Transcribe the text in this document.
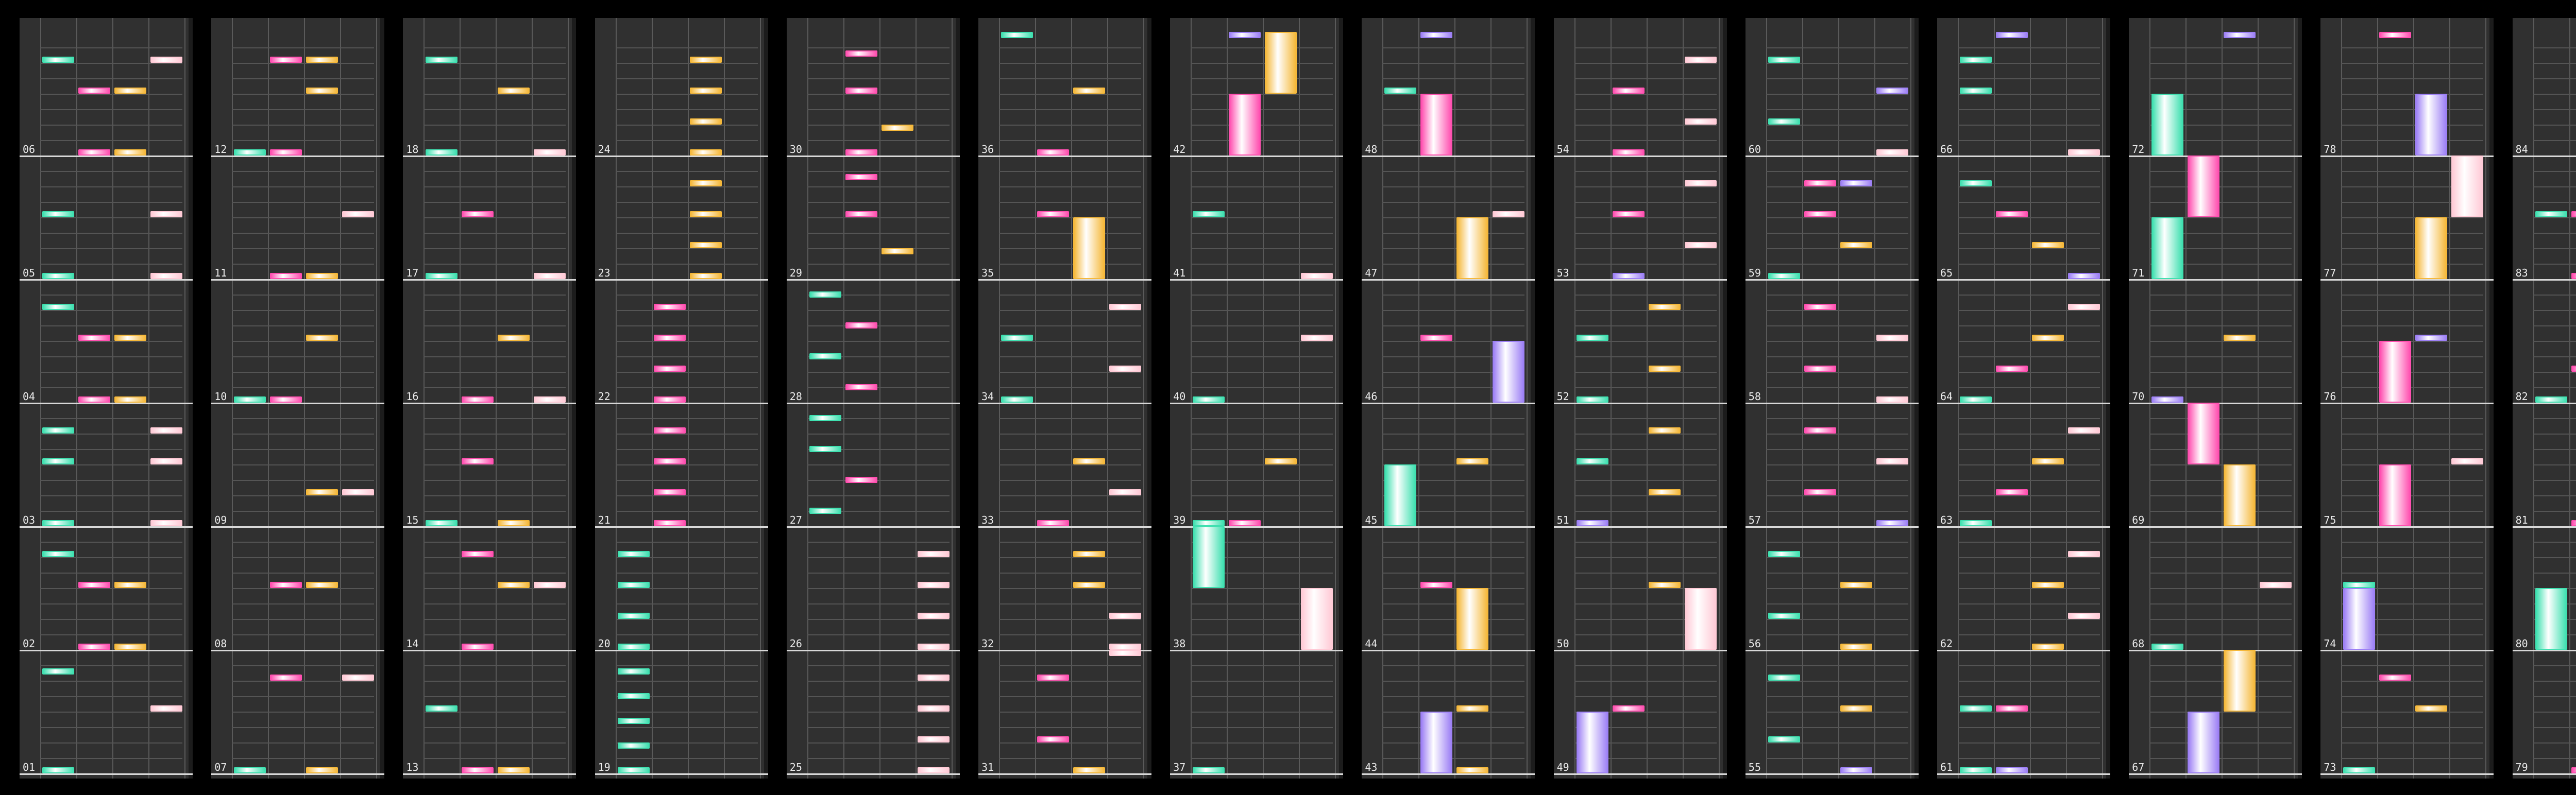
01
02
03
04
05
06
07
08
09
10
11
12
13
14
15
16
17
18
19
20
21
22
23
24
25
26
27
28
29
30
31
32
33
34
35
36
37
38
39
40
41
42
43
44
45
46
47
48
49
50
51
52
53
54
55
56
57
58
59
60
61
62
63
64
65
66
67
68
69
70
71
72
73
74
75
76
77
78
79
80
81
82
83
84
